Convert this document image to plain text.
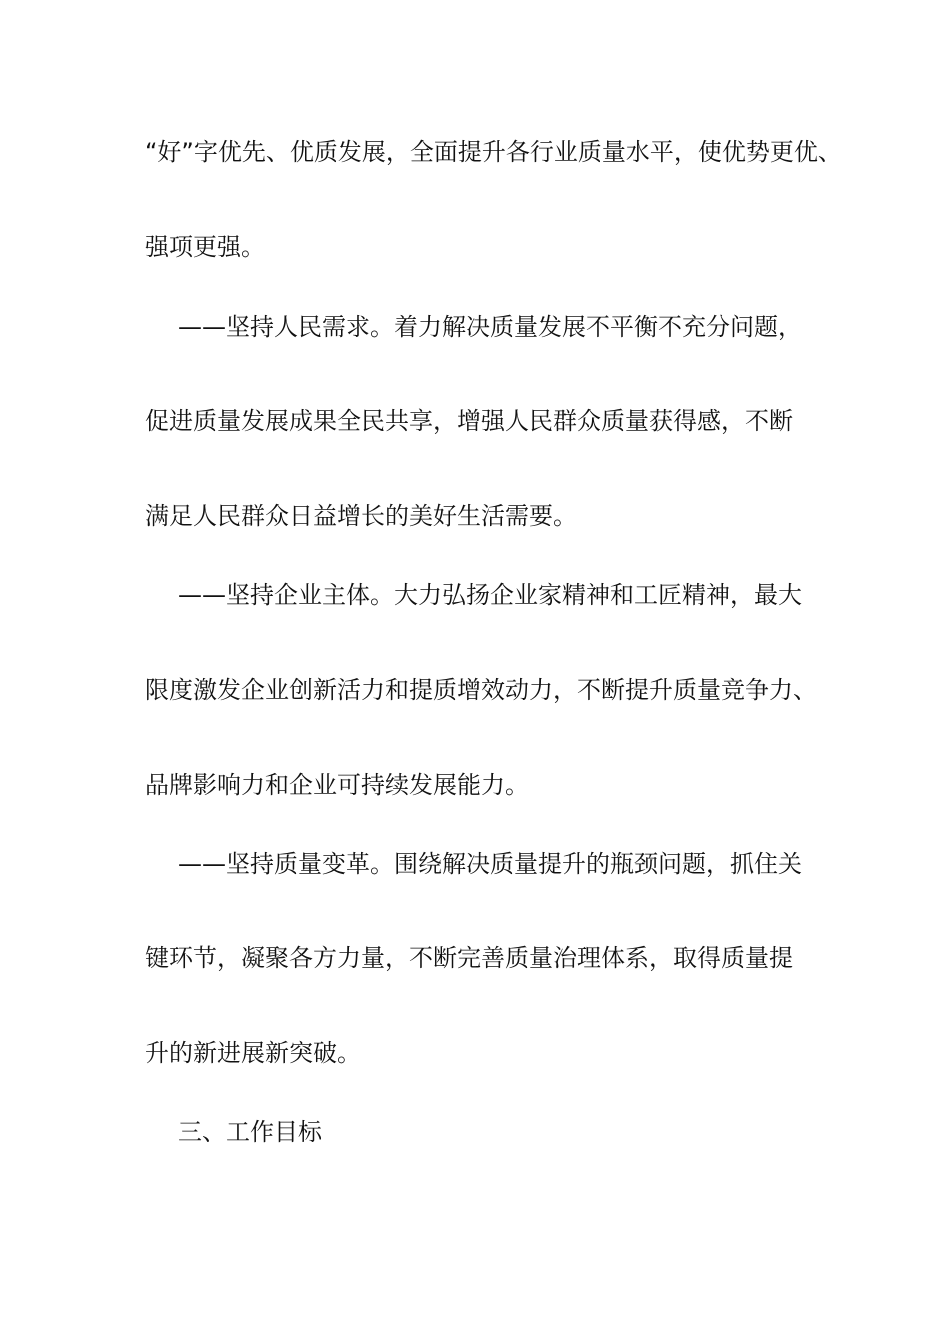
“好”字优先、优质发展，全面提升各行业质量水平，使优势更优、
强项更强。
——坚持人民需求。着力解决质量发展不平衡不充分问题，
促进质量发展成果全民共享，增强人民群众质量获得感，不断
满足人民群众日益增长的美好生活需要。
——坚持企业主体。大力弘扬企业家精神和工匠精神，最大
限度激发企业创新活力和提质增效动力，不断提升质量竞争力、
品牌影响力和企业可持续发展能力。
——坚持质量变革。围绕解决质量提升的瓶颈问题，抓住关
键环节，凝聚各方力量，不断完善质量治理体系，取得质量提
升的新进展新突破。
三、工作目标
